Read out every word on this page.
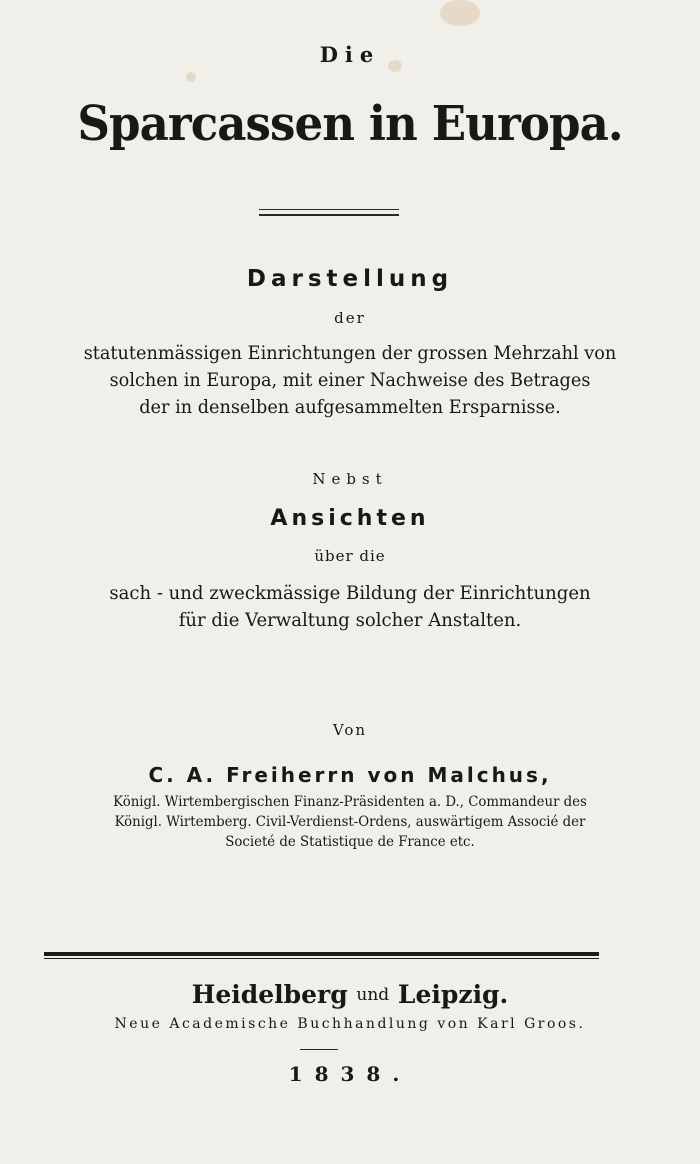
Die
Sparcassen in Europa.
Darstellung
der
statutenmässigen Einrichtungen der grossen Mehrzahl von
solchen in Europa, mit einer Nachweise des Betrages
der in denselben aufgesammelten Ersparnisse.
Nebst
Ansichten
über die
sach - und zweckmässige Bildung der Einrichtungen
für die Verwaltung solcher Anstalten.
Von
C. A. Freiherrn von Malchus,
Königl. Wirtembergischen Finanz-Präsidenten a. D., Commandeur des
Königl. Wirtemberg. Civil-Verdienst-Ordens, auswärtigem Associé der
Societé de Statistique de France etc.
Heidelberg und Leipzig.
Neue Academische Buchhandlung von Karl Groos.
1838.
